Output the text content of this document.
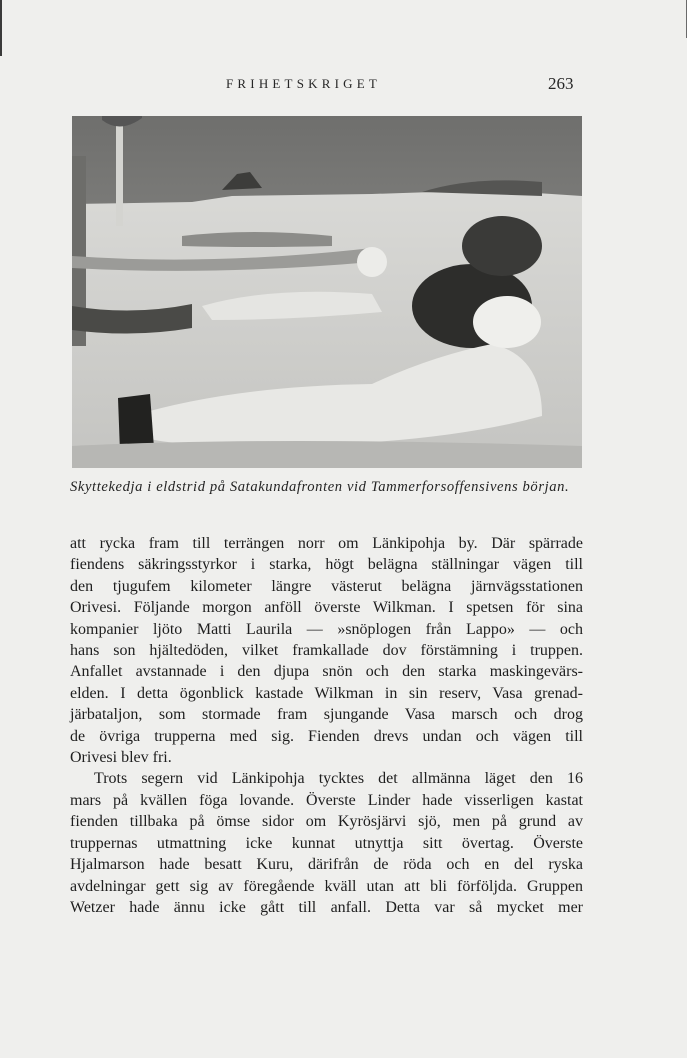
FRIHETSKRIGET	263
Skyttekedja i eldstrid på Satakundafronten vid Tammerforsoffensivens början.
att rycka fram till terrängen norr om Länkipohja by. Där spärrade
fiendens säkringsstyrkor i starka, högt belägna ställningar vägen till
den tjugufem kilometer längre västerut belägna järnvägsstationen
Orivesi. Följande morgon anföll överste Wilkman. I spetsen för sina
kompanier ljöto Matti Laurila — »snöplogen från Lappo» — och
hans son hjältedöden, vilket framkallade dov förstämning i truppen.
Anfallet avstannade i den djupa snön och den starka maskingevärs-
elden. I detta ögonblick kastade Wilkman in sin reserv, Vasa grenad-
järbataljon, som stormade fram sjungande Vasa marsch och drog
de övriga trupperna med sig. Fienden drevs undan och vägen till
Orivesi blev fri.
Trots segern vid Länkipohja tycktes det allmänna läget den 16
mars på kvällen föga lovande. Överste Linder hade visserligen kastat
fienden tillbaka på ömse sidor om Kyrösjärvi sjö, men på grund av
truppernas utmattning icke kunnat utnyttja sitt övertag. Överste
Hjalmarson hade besatt Kuru, därifrån de röda och en del ryska
avdelningar gett sig av föregående kväll utan att bli förföljda. Gruppen
Wetzer hade ännu icke gått till anfall. Detta var så mycket mer
